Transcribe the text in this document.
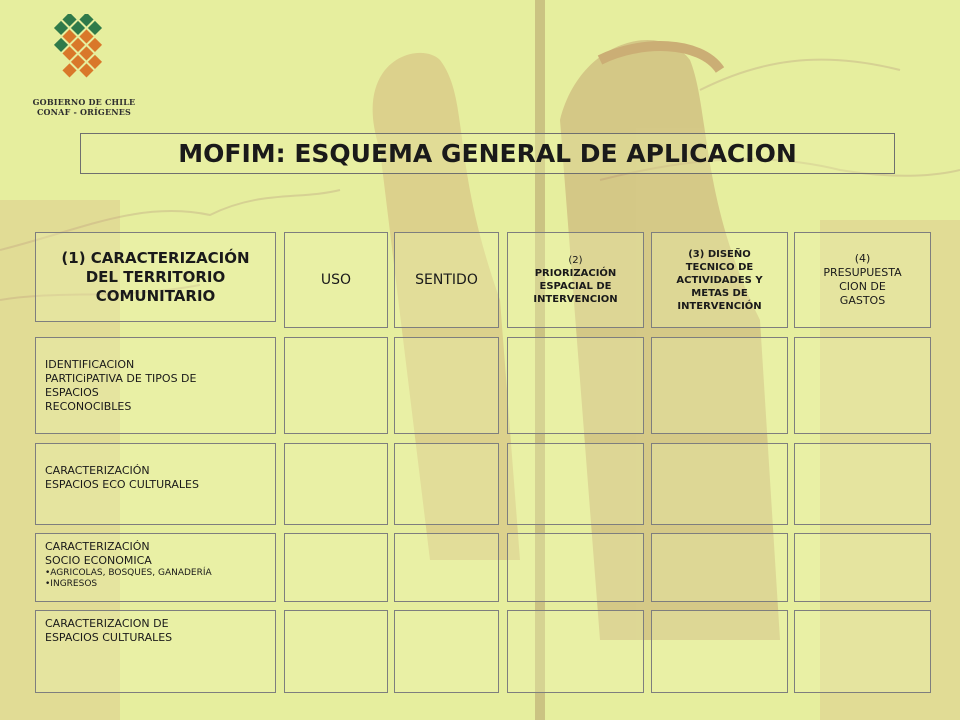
GOBIERNO DE CHILE
CONAF - ORÍGENES
MOFIM: ESQUEMA GENERAL DE APLICACION
(1) CARACTERIZACIÓN
DEL TERRITORIO
COMUNITARIO
USO	SENTIDO
(2)
PRIORIZACIÓN
ESPACIAL DE
INTERVENCION
(3) DISEÑO
TECNICO DE
ACTIVIDADES Y
METAS DE
INTERVENCIÓN
(4)
PRESUPUESTA
CION DE
GASTOS
IDENTIFICACION
PARTICiPATIVA DE TIPOS DE
ESPACIOS
RECONOCIBLES
CARACTERIZACIÓN
ESPACIOS ECO CULTURALES
CARACTERIZACIÓN
SOCIO ECONOMICA
•AGRICOLAS, BOSQUES, GANADERÍA
•INGRESOS
CARACTERIZACION DE
ESPACIOS CULTURALES
